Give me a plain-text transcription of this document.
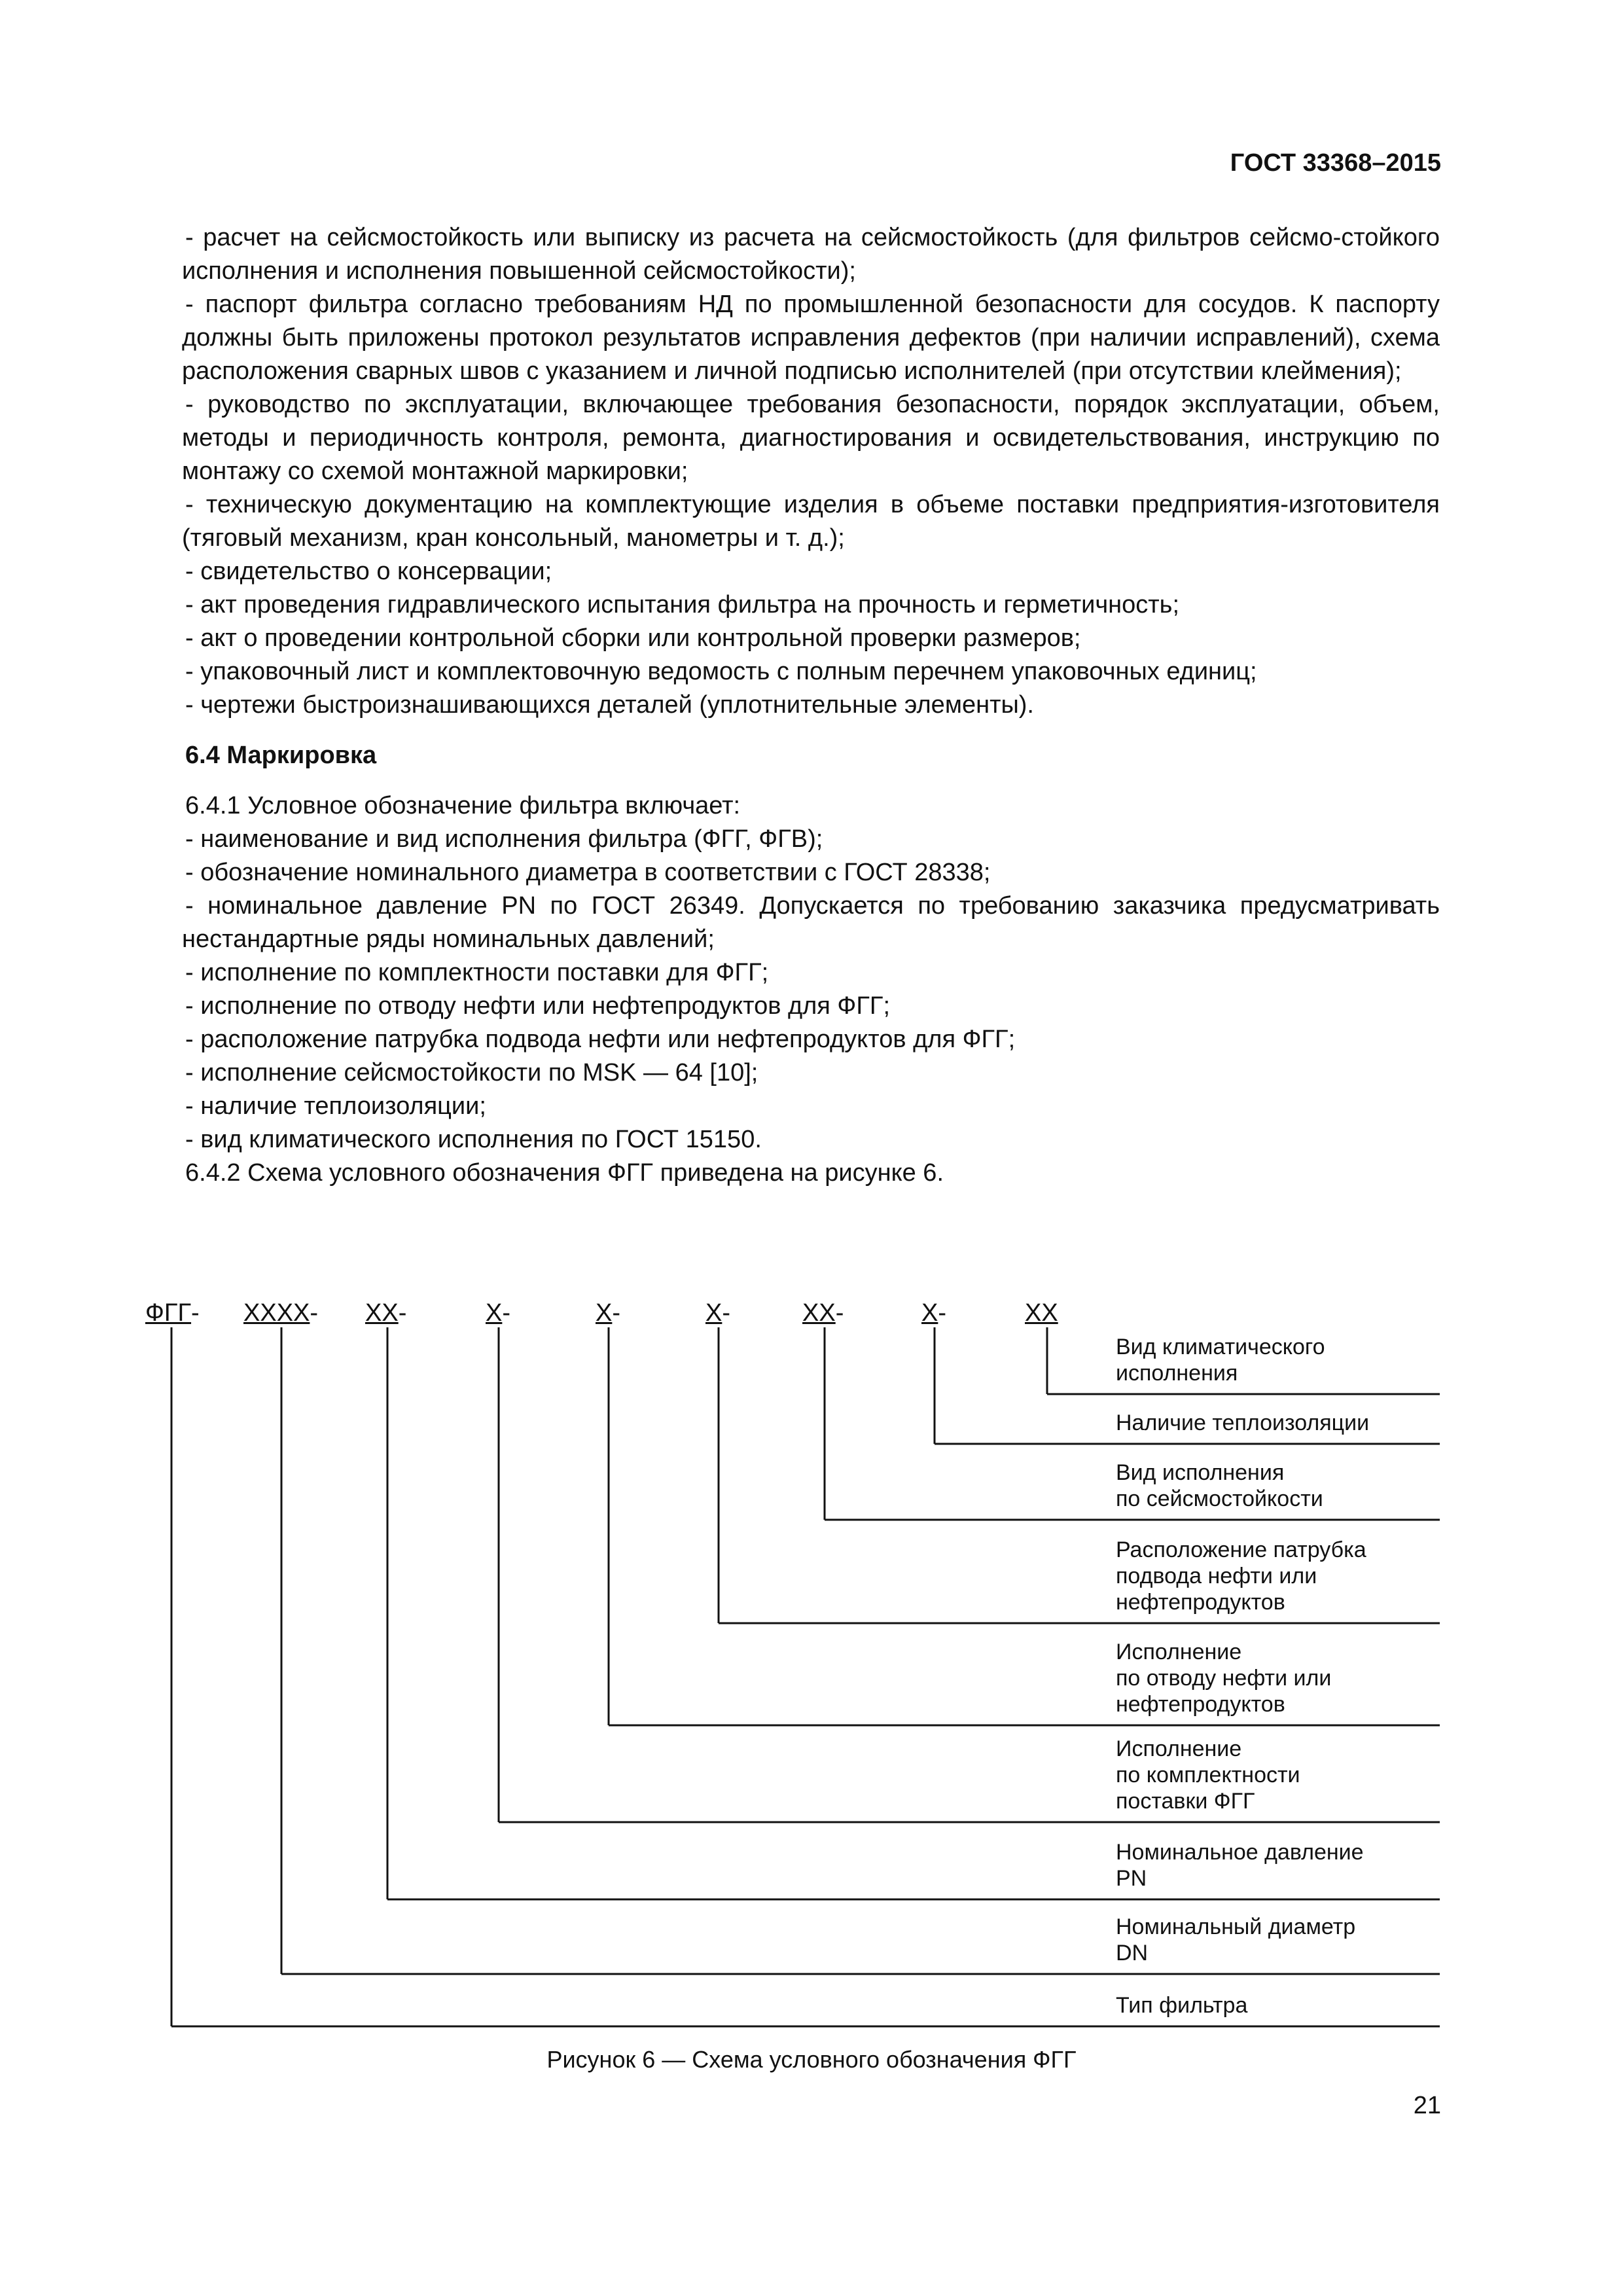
ГОСТ 33368–2015
- расчет на сейсмостойкость или выписку из расчета на сейсмостойкость (для фильтров сейсмо-стойкого исполнения и исполнения повышенной сейсмостойкости);
- паспорт фильтра согласно требованиям НД по промышленной безопасности для сосудов. К паспорту должны быть приложены протокол результатов исправления дефектов (при наличии исправлений), схема расположения сварных швов с указанием и личной подписью исполнителей (при отсутствии клеймения);
- руководство по эксплуатации, включающее требования безопасности, порядок эксплуатации, объем, методы и периодичность контроля, ремонта, диагностирования и освидетельствования, инструкцию по монтажу со схемой монтажной маркировки;
- техническую документацию на комплектующие изделия в объеме поставки предприятия-изготовителя (тяговый механизм, кран консольный, манометры и т. д.);
- свидетельство о консервации;
- акт проведения гидравлического испытания фильтра на прочность и герметичность;
- акт о проведении контрольной сборки или контрольной проверки размеров;
- упаковочный лист и комплектовочную ведомость с полным перечнем упаковочных единиц;
- чертежи быстроизнашивающихся деталей (уплотнительные элементы).
6.4 Маркировка
6.4.1 Условное обозначение фильтра включает:
- наименование и вид исполнения фильтра (ФГГ, ФГВ);
- обозначение номинального диаметра в соответствии с ГОСТ 28338;
- номинальное давление PN по ГОСТ 26349. Допускается по требованию заказчика предусматривать нестандартные ряды номинальных давлений;
- исполнение по комплектности поставки для ФГГ;
- исполнение по отводу нефти или нефтепродуктов для ФГГ;
- расположение патрубка подвода нефти или нефтепродуктов для ФГГ;
- исполнение сейсмостойкости по MSK — 64 [10];
- наличие теплоизоляции;
- вид климатического исполнения по ГОСТ 15150.
6.4.2 Схема условного обозначения ФГГ приведена на рисунке 6.
ФГГ- XXXX- XX-	X-	X-	X-	XX-	X-	XX
Вид климатического
исполнения
Наличие теплоизоляции
Вид исполнения
по сейсмостойкости
Расположение патрубка
подвода нефти или
нефтепродуктов
Исполнение
по отводу нефти или
нефтепродуктов
Исполнение
по комплектности
поставки ФГГ
Номинальное давление
PN
Номинальный диаметр
DN
Тип фильтра
Рисунок 6 — Схема условного обозначения ФГГ
21
